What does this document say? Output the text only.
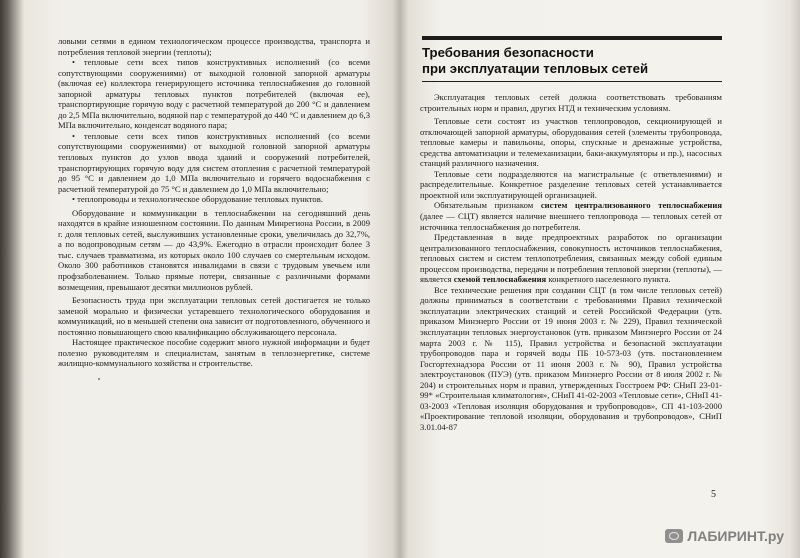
ловыми сетями в едином технологическом процессе производства, транспорта и потребления тепловой энергии (теплоты);

• тепловые сети всех типов конструктивных исполнений (со всеми сопутствующими сооружениями) от выходной головной запорной арматуры (включая ее) коллектора генерирующего источника теплоснабжения до головной запорной арматуры тепловых пунктов потребителей (включая ее), транспортирующие горячую воду с расчетной температурой до 200 °С и давлением до 2,5 МПа включительно, водяной пар с температурой до 440 °С и давлением до 6,3 МПа включительно, конденсат водяного пара;

• тепловые сети всех типов конструктивных исполнений (со всеми сопутствующими сооружениями) от выходной головной запорной арматуры тепловых пунктов до узлов ввода зданий и сооружений потребителей, транспортирующих горячую воду для систем отопления с расчетной температурой до 95 °С и давлением до 1,0 МПа включительно и горячего водоснабжения с расчетной температурой до 75 °С и давлением до 1,0 МПа включительно;

• теплопроводы и технологическое оборудование тепловых пунктов.

Оборудование и коммуникации в теплоснабжении на сегодняшний день находятся в крайне изношенном состоянии. По данным Минрегиона России, в 2009 г. доля тепловых сетей, выслуживших установленные сроки, увеличилась до 32,7%, а по водопроводным сетям — до 43,9%. Ежегодно в отрасли происходит более 3 тыс. случаев травматизма, из которых около 100 случаев со смертельным исходом. Около 300 работников становятся инвалидами в связи с трудовым увечьем или профзаболеванием. Только прямые потери, связанные с различными формами возмещения, превышают десятки миллионов рублей.

Безопасность труда при эксплуатации тепловых сетей достигается не только заменой морально и физически устаревшего технологического оборудования и коммуникаций, но в меньшей степени она зависит от подготовленного, обученного и постоянно повышающего свою квалификацию обслуживающего персонала.

Настоящее практическое пособие содержит много нужной информации и будет полезно руководителям и специалистам, занятым в теплоэнергетике, системе жилищно-коммунального хозяйства и строительстве.

Требования безопасности
при эксплуатации тепловых сетей

Эксплуатация тепловых сетей должна соответствовать требованиям строительных норм и правил, других НТД и техническим условиям.

Тепловые сети состоят из участков теплопроводов, секционирующей и отключающей запорной арматуры, оборудования сетей (элементы трубопровода, тепловые камеры и павильоны, опоры, спускные и дренажные устройства, средства автоматизации и телемеханизации, баки-аккумуляторы и пр.), насосных станций различного назначения.

Тепловые сети подразделяются на магистральные (с ответвлениями) и распределительные. Конкретное разделение тепловых сетей устанавливается проектной или эксплуатирующей организацией.

Обязательным признаком систем централизованного теплоснабжения (далее — СЦТ) является наличие внешнего теплопровода — тепловых сетей от источника теплоснабжения до потребителя.

Представленная в виде предпроектных разработок по организации централизованного теплоснабжения, совокупность источников теплоснабжения, тепловых систем и систем теплопотребления, связанных между собой единым процессом производства, передачи и потребления тепловой энергии (теплоты), — является схемой теплоснабжения конкретного населенного пункта.

Все технические решения при создании СЦТ (в том числе тепловых сетей) должны приниматься в соответствии с требованиями Правил технической эксплуатации электрических станций и сетей Российской Федерации (утв. приказом Минэнерго России от 19 июня 2003 г. № 229), Правил технической эксплуатации тепловых энергоустановок (утв. приказом Минэнерго России от 24 марта 2003 г. № 115), Правил устройства и безопасной эксплуатации трубопроводов пара и горячей воды ПБ 10-573-03 (утв. постановлением Госгортехнадзора России от 11 июня 2003 г. № 90), Правил устройства электроустановок (ПУЭ) (утв. приказом Минэнерго России от 8 июля 2002 г. № 204) и строительных норм и правил, утвержденных Госстроем РФ: СНиП 23-01-99* «Строительная климатология», СНиП 41-02-2003 «Тепловые сети», СНиП 41-03-2003 «Тепловая изоляция оборудования и трубопроводов», СП 41-103-2000 «Проектирование тепловой изоляции, оборудования и трубопроводов», СНиП 3.01.04-87

5
ЛАБИРИНТ.ру
